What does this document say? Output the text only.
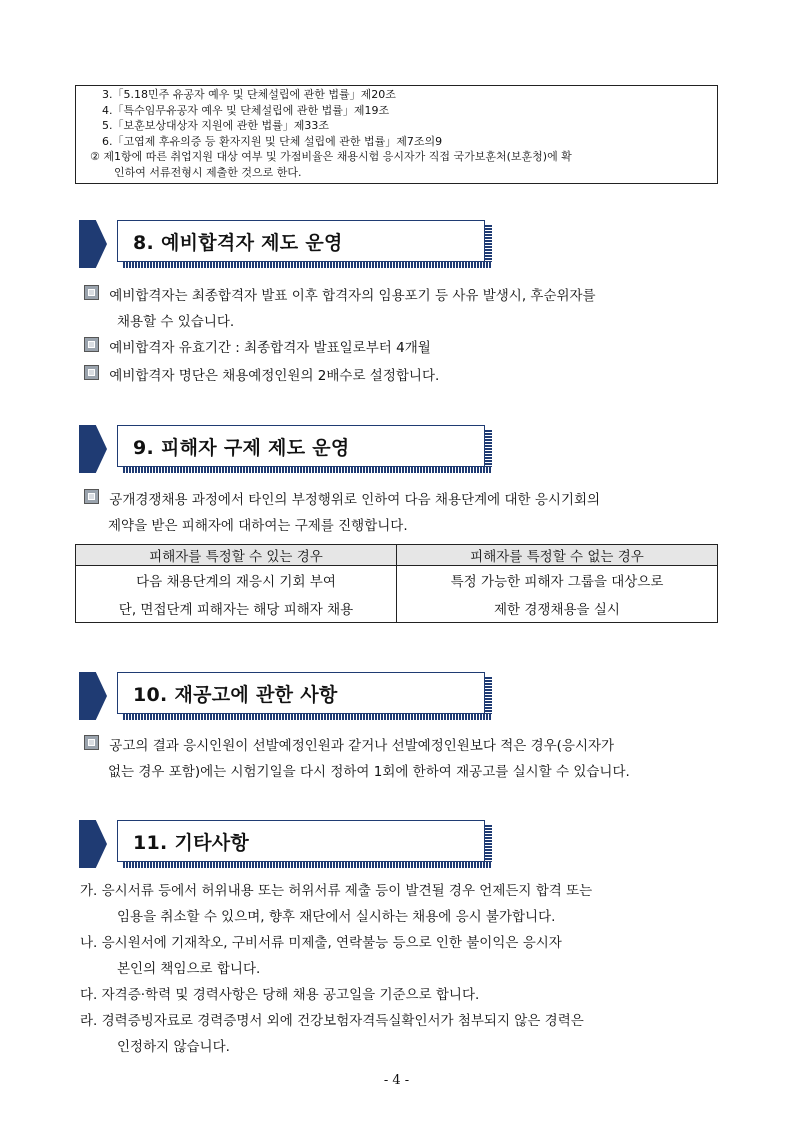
3.「5.18민주 유공자 예우 및 단체설립에 관한 법률」제20조
4.「특수임무유공자 예우 및 단체설립에 관한 법률」제19조
5.「보훈보상대상자 지원에 관한 법률」제33조
6.「고엽제 후유의증 등 환자지원 및 단체 설립에 관한 법률」제7조의9
② 제1항에 따른 취업지원 대상 여부 및 가점비율은 채용시험 응시자가 직접 국가보훈처(보훈청)에 확
인하여 서류전형시 제출한 것으로 한다.
8. 예비합격자 제도 운영
예비합격자는 최종합격자 발표 이후 합격자의 임용포기 등 사유 발생시, 후순위자를
채용할 수 있습니다.
예비합격자 유효기간 : 최종합격자 발표일로부터 4개월
예비합격자 명단은 채용예정인원의 2배수로 설정합니다.
9. 피해자 구제 제도 운영
공개경쟁채용 과정에서 타인의 부정행위로 인하여 다음 채용단계에 대한 응시기회의
제약을 받은 피해자에 대하여는 구제를 진행합니다.
피해자를 특정할 수 있는 경우	피해자를 특정할 수 없는 경우
다음 채용단계의 재응시 기회 부여	특정 가능한 피해자 그룹을 대상으로
단, 면접단계 피해자는 해당 피해자 채용	제한 경쟁채용을 실시
10. 재공고에 관한 사항
공고의 결과 응시인원이 선발예정인원과 같거나 선발예정인원보다 적은 경우(응시자가
없는 경우 포함)에는 시험기일을 다시 정하여 1회에 한하여 재공고를 실시할 수 있습니다.
11. 기타사항
가. 응시서류 등에서 허위내용 또는 허위서류 제출 등이 발견될 경우 언제든지 합격 또는
임용을 취소할 수 있으며, 향후 재단에서 실시하는 채용에 응시 불가합니다.
나. 응시원서에 기재착오, 구비서류 미제출, 연락불능 등으로 인한 불이익은 응시자
본인의 책임으로 합니다.
다. 자격증·학력 및 경력사항은 당해 채용 공고일을 기준으로 합니다.
라. 경력증빙자료로 경력증명서 외에 건강보험자격득실확인서가 첨부되지 않은 경력은
인정하지 않습니다.
- 4 -
